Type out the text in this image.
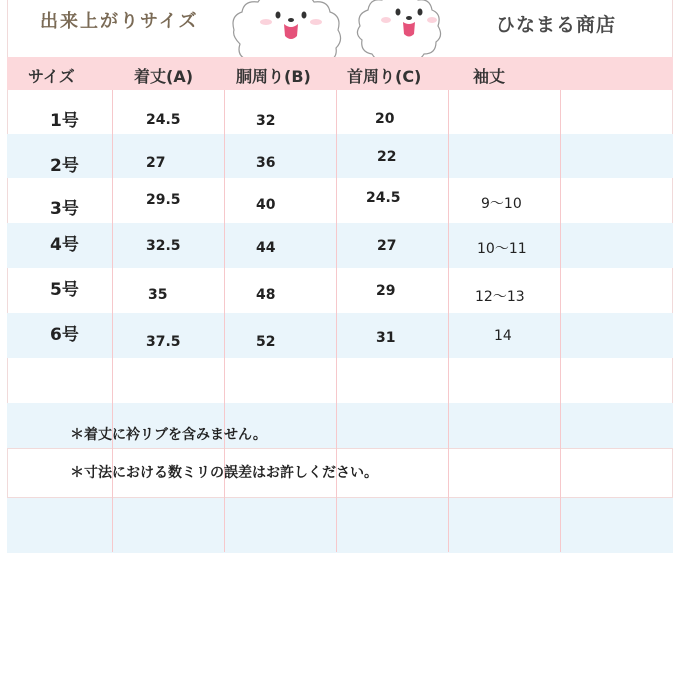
出来上がりサイズ	ひなまる商店
サイズ	着丈(A)	胴周り(B) 首周り(C)	袖丈
1号	24.5	32	20
2号	27	36	22
3号	29.5	40	24.5	9〜10
4号	32.5	44	27	10〜11
5号	35	48	29	12〜13
6号	37.5	52	31	14
＊着丈に衿リブを含みません。
＊寸法における数ミリの誤差はお許しください。
